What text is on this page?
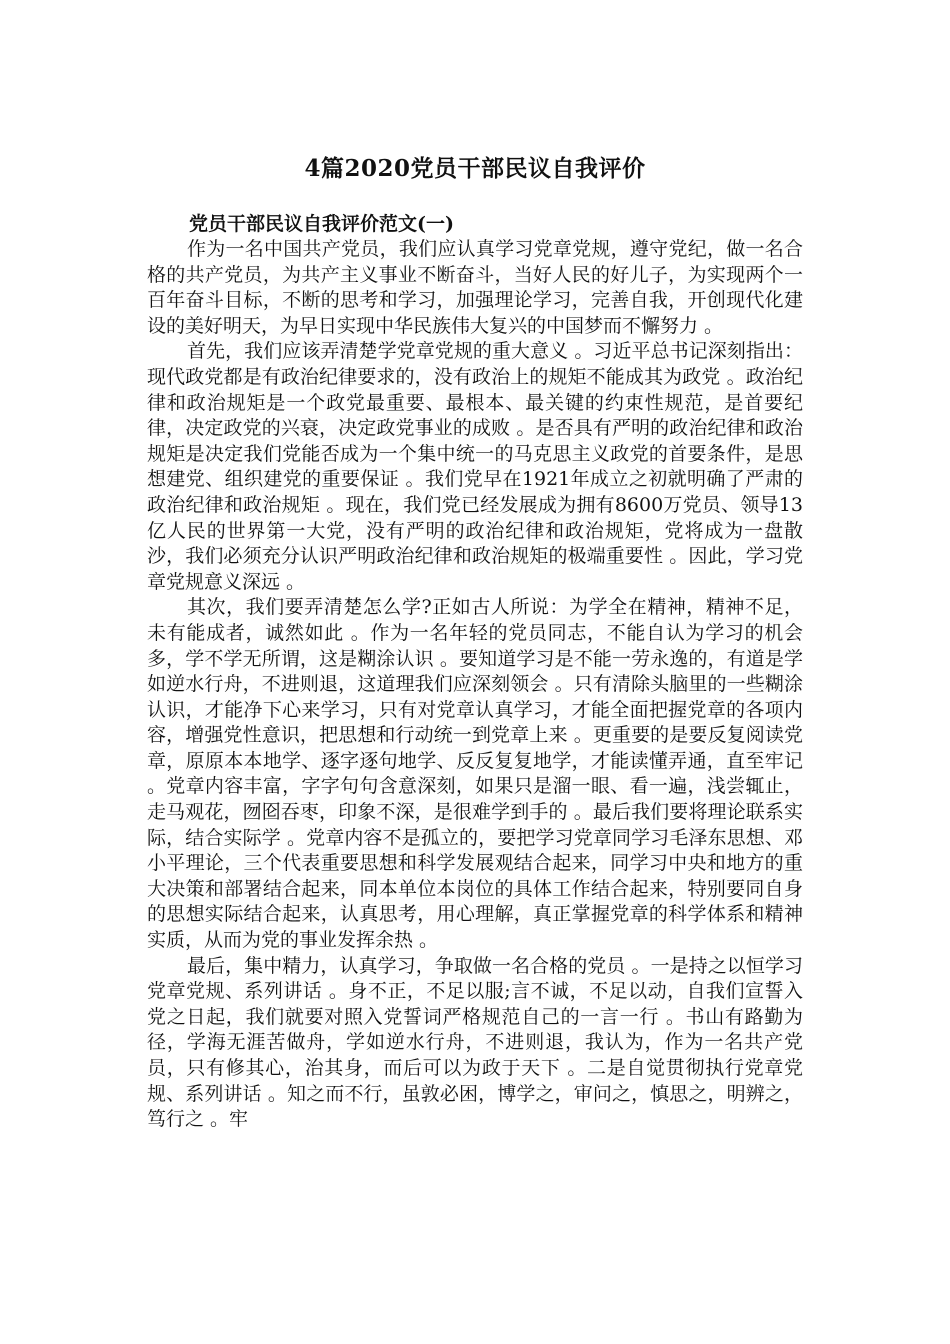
4篇2020党员干部民议自我评价
党员干部民议自我评价范文(一)

作为一名中国共产党员，我们应认真学习党章党规，遵守党纪，做一名合格的共产党员，为共产主义事业不断奋斗，当好人民的好儿子，为实现两个一百年奋斗目标，不断的思考和学习，加强理论学习，完善自我，开创现代化建设的美好明天，为早日实现中华民族伟大复兴的中国梦而不懈努力 。

首先，我们应该弄清楚学党章党规的重大意义 。习近平总书记深刻指出：现代政党都是有政治纪律要求的，没有政治上的规矩不能成其为政党 。政治纪律和政治规矩是一个政党最重要、最根本、最关键的约束性规范，是首要纪律，决定政党的兴衰，决定政党事业的成败 。是否具有严明的政治纪律和政治规矩是决定我们党能否成为一个集中统一的马克思主义政党的首要条件，是思想建党、组织建党的重要保证 。我们党早在1921年成立之初就明确了严肃的政治纪律和政治规矩 。现在，我们党已经发展成为拥有8600万党员、领导13亿人民的世界第一大党，没有严明的政治纪律和政治规矩，党将成为一盘散沙，我们必须充分认识严明政治纪律和政治规矩的极端重要性 。因此，学习党章党规意义深远 。

其次，我们要弄清楚怎么学?正如古人所说：为学全在精神，精神不足，未有能成者，诚然如此 。作为一名年轻的党员同志，不能自认为学习的机会多，学不学无所谓，这是糊涂认识 。要知道学习是不能一劳永逸的，有道是学如逆水行舟，不进则退，这道理我们应深刻领会 。只有清除头脑里的一些糊涂认识，才能净下心来学习，只有对党章认真学习，才能全面把握党章的各项内容，增强党性意识，把思想和行动统一到党章上来 。更重要的是要反复阅读党章，原原本本地学、逐字逐句地学、反反复复地学，才能读懂弄通，直至牢记 。党章内容丰富，字字句句含意深刻，如果只是溜一眼、看一遍，浅尝辄止，走马观花，囫囵吞枣，印象不深，是很难学到手的 。最后我们要将理论联系实际，结合实际学 。党章内容不是孤立的，要把学习党章同学习毛泽东思想、邓小平理论，三个代表重要思想和科学发展观结合起来，同学习中央和地方的重大决策和部署结合起来，同本单位本岗位的具体工作结合起来，特别要同自身的思想实际结合起来，认真思考，用心理解，真正掌握党章的科学体系和精神实质，从而为党的事业发挥余热 。

最后，集中精力，认真学习，争取做一名合格的党员 。一是持之以恒学习党章党规、系列讲话 。身不正，不足以服;言不诚，不足以动，自我们宣誓入党之日起，我们就要对照入党誓词严格规范自己的一言一行 。书山有路勤为径，学海无涯苦做舟，学如逆水行舟，不进则退，我认为，作为一名共产党员，只有修其心，治其身，而后可以为政于天下 。二是自觉贯彻执行党章党规、系列讲话 。知之而不行，虽敦必困，博学之，审问之，慎思之，明辨之，笃行之 。牢
